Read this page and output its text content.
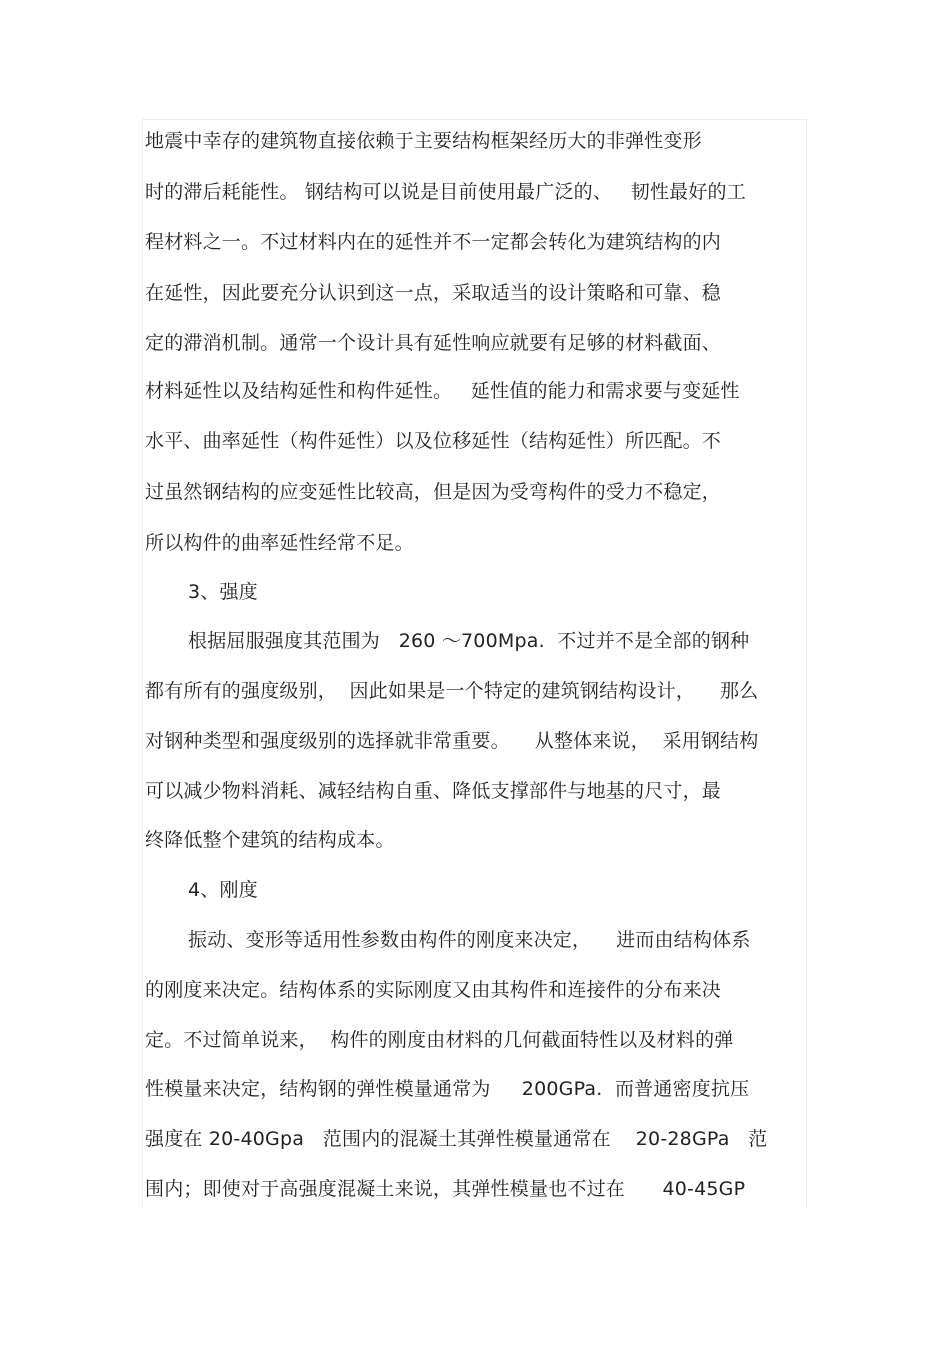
地震中幸存的建筑物直接依赖于主要结构框架经历大的非弹性变形
时的滞后耗能性。 钢结构可以说是目前使用最广泛的、   韧性最好的工
程材料之一。不过材料内在的延性并不一定都会转化为建筑结构的内
在延性，因此要充分认识到这一点，采取适当的设计策略和可靠、稳
定的滞消机制。通常一个设计具有延性响应就要有足够的材料截面、
材料延性以及结构延性和构件延性。   延性值的能力和需求要与变延性
水平、曲率延性（构件延性）以及位移延性（结构延性）所匹配。不
过虽然钢结构的应变延性比较高，但是因为受弯构件的受力不稳定，
所以构件的曲率延性经常不足。
3、强度
根据屈服强度其范围为   260 ～700Mpa.  不过并不是全部的钢种
都有所有的强度级别，  因此如果是一个特定的建筑钢结构设计，    那么
对钢种类型和强度级别的选择就非常重要。    从整体来说，  采用钢结构
可以减少物料消耗、减轻结构自重、降低支撑部件与地基的尺寸，最
终降低整个建筑的结构成本。
4、刚度
振动、变形等适用性参数由构件的刚度来决定，    进而由结构体系
的刚度来决定。结构体系的实际刚度又由其构件和连接件的分布来决
定。不过简单说来，  构件的刚度由材料的几何截面特性以及材料的弹
性模量来决定，结构钢的弹性模量通常为     200GPa.  而普通密度抗压
强度在 20-40Gpa   范围内的混凝土其弹性模量通常在    20-28GPa   范
围内；即使对于高强度混凝土来说，其弹性模量也不过在      40-45GP
